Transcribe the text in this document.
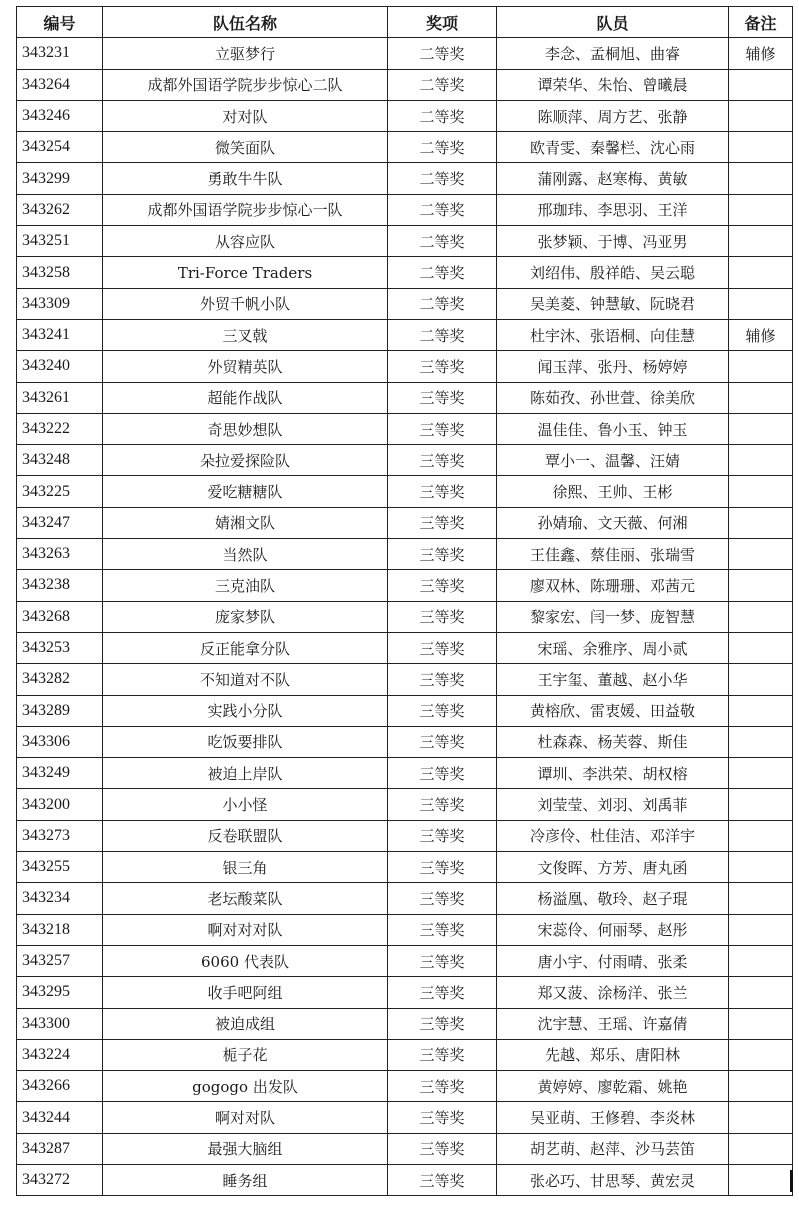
编号	队伍名称	奖项	队员	备注
343231	立驱梦行	二等奖	李念、孟桐旭、曲睿	辅修
343264	成都外国语学院步步惊心二队	二等奖	谭荣华、朱怡、曾曦晨	
343246	对对队	二等奖	陈顺萍、周方艺、张静	
343254	微笑面队	二等奖	欧青雯、秦馨栏、沈心雨	
343299	勇敢牛牛队	二等奖	蒲刚露、赵寒梅、黄敏	
343262	成都外国语学院步步惊心一队	二等奖	邢珈玮、李思羽、王洋	
343251	从容应队	二等奖	张梦颖、于博、冯亚男	
343258	Tri-Force Traders	二等奖	刘绍伟、殷祥皓、吴云聪	
343309	外贸千帆小队	二等奖	吴美菱、钟慧敏、阮晓君	
343241	三叉戟	二等奖	杜宇沐、张语桐、向佳慧	辅修
343240	外贸精英队	三等奖	闻玉萍、张丹、杨婷婷	
343261	超能作战队	三等奖	陈茹孜、孙世萱、徐美欣	
343222	奇思妙想队	三等奖	温佳佳、鲁小玉、钟玉	
343248	朵拉爱探险队	三等奖	覃小一、温馨、汪婧	
343225	爱吃糖糖队	三等奖	徐熙、王帅、王彬	
343247	婧湘文队	三等奖	孙婧瑜、文天薇、何湘	
343263	当然队	三等奖	王佳鑫、蔡佳丽、张瑞雪	
343238	三克油队	三等奖	廖双林、陈珊珊、邓茜元	
343268	庞家梦队	三等奖	黎家宏、闫一梦、庞智慧	
343253	反正能拿分队	三等奖	宋瑶、余雅序、周小贰	
343282	不知道对不队	三等奖	王宇玺、董越、赵小华	
343289	实践小分队	三等奖	黄榕欣、雷衷媛、田益敬	
343306	吃饭要排队	三等奖	杜森森、杨芙蓉、斯佳	
343249	被迫上岸队	三等奖	谭圳、李洪荣、胡权榕	
343200	小小怪	三等奖	刘莹莹、刘羽、刘禹菲	
343273	反卷联盟队	三等奖	冷彦伶、杜佳洁、邓洋宇	
343255	银三角	三等奖	文俊晖、方芳、唐丸函	
343234	老坛酸菜队	三等奖	杨溢凰、敬玲、赵子琨	
343218	啊对对对队	三等奖	宋蕊伶、何丽琴、赵彤	
343257	6060 代表队	三等奖	唐小宇、付雨晴、张柔	
343295	收手吧阿组	三等奖	郑又菠、涂杨洋、张兰	
343300	被迫成组	三等奖	沈宇慧、王瑶、许嘉倩	
343224	栀子花	三等奖	先越、郑乐、唐阳林	
343266	gogogo 出发队	三等奖	黄婷婷、廖乾霜、姚艳	
343244	啊对对队	三等奖	吴亚萌、王修碧、李炎林	
343287	最强大脑组	三等奖	胡艺萌、赵萍、沙马芸笛	
343272	睡务组	三等奖	张必巧、甘思琴、黄宏灵	
